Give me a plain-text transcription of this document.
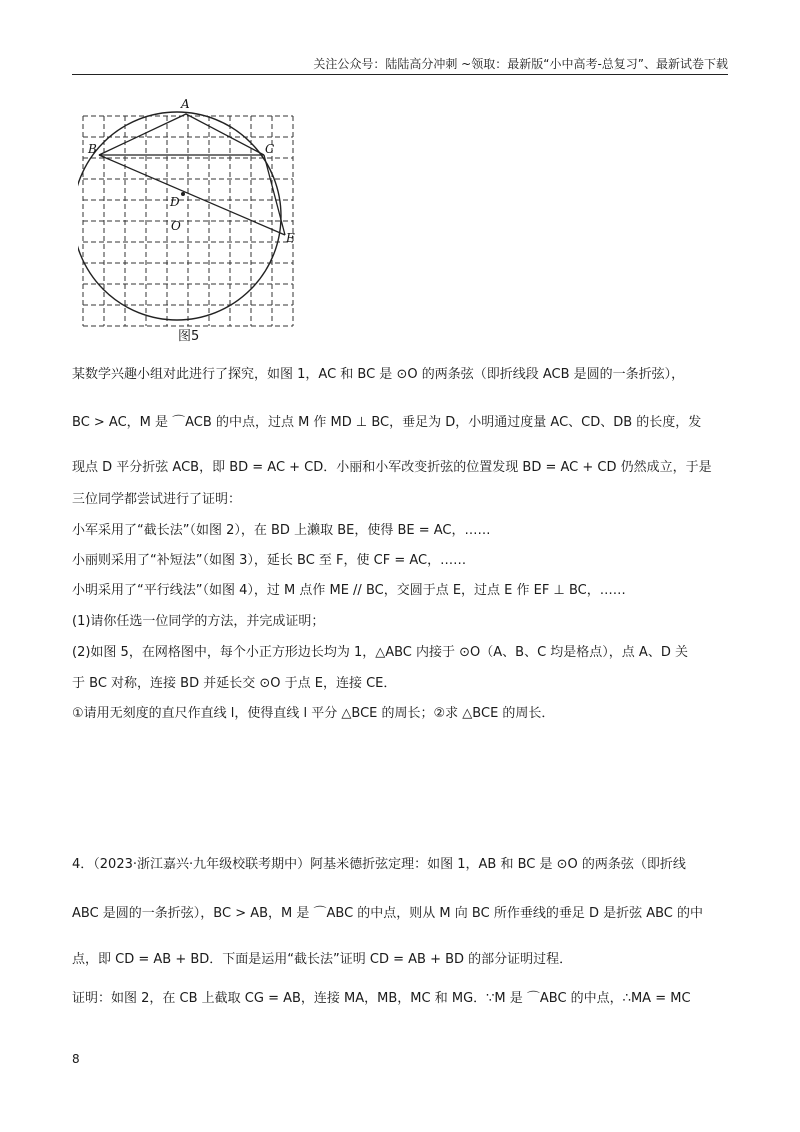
关注公众号：陆陆高分冲刺 ~领取：最新版“小中高考-总复习”、最新试卷下载
A
B	C
D
O
E
图5
某数学兴趣小组对此进行了探究，如图 1，AC 和 BC 是 ⊙O 的两条弦（即折线段 ACB 是圆的一条折弦），
BC > AC，M 是 ⌒ACB 的中点，过点 M 作 MD ⊥ BC，垂足为 D，小明通过度量 AC、CD、DB 的长度，发
现点 D 平分折弦 ACB，即 BD = AC + CD．小丽和小军改变折弦的位置发现 BD = AC + CD 仍然成立，于是
三位同学都尝试进行了证明：
小军采用了“截长法”（如图 2），在 BD 上濑取 BE，使得 BE = AC，……
小丽则采用了“补短法”（如图 3），延长 BC 至 F，使 CF = AC，……
小明采用了“平行线法”（如图 4），过 M 点作 ME // BC，交圆于点 E，过点 E 作 EF ⊥ BC，……
(1)请你任选一位同学的方法，并完成证明；
(2)如图 5，在网格图中，每个小正方形边长均为 1，△ABC 内接于 ⊙O（A、B、C 均是格点），点 A、D 关
于 BC 对称，连接 BD 并延长交 ⊙O 于点 E，连接 CE．
①请用无刻度的直尺作直线 l，使得直线 l 平分 △BCE 的周长；②求 △BCE 的周长．
4．（2023·浙江嘉兴·九年级校联考期中）阿基米德折弦定理：如图 1，AB 和 BC 是 ⊙O 的两条弦（即折线
ABC 是圆的一条折弦），BC > AB，M 是 ⌒ABC 的中点，则从 M 向 BC 所作垂线的垂足 D 是折弦 ABC 的中
点，即 CD = AB + BD．下面是运用“截长法”证明 CD = AB + BD 的部分证明过程．
证明：如图 2，在 CB 上截取 CG = AB，连接 MA，MB，MC 和 MG．∵M 是 ⌒ABC 的中点，∴MA = MC
8
